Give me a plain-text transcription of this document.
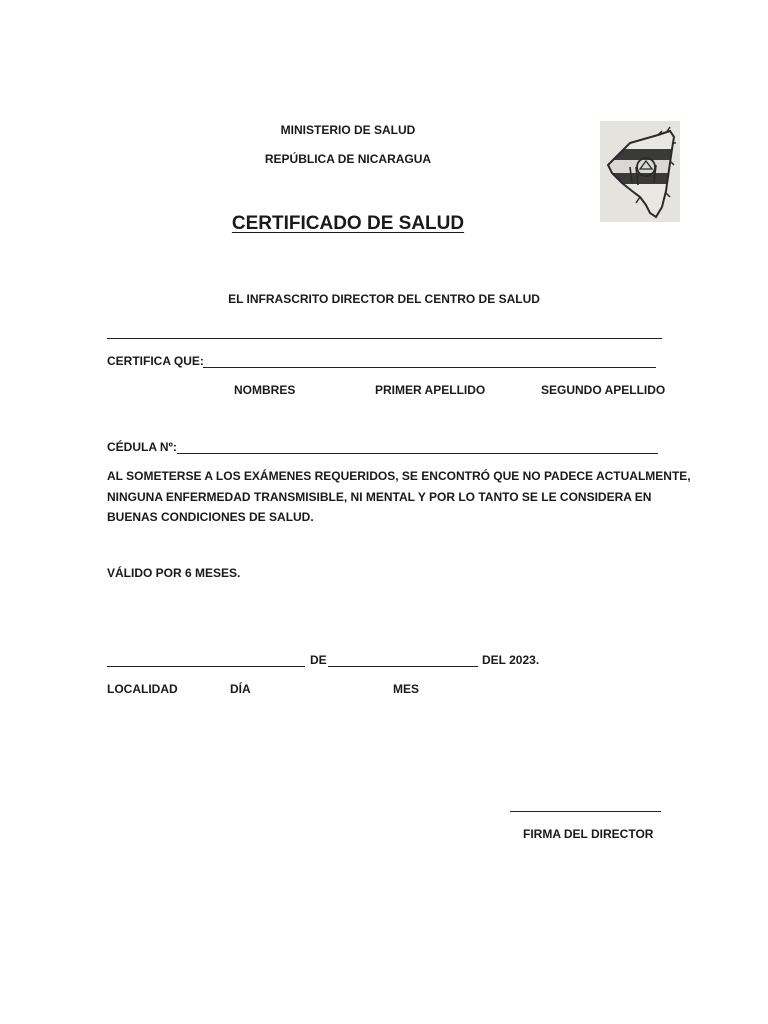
MINISTERIO DE SALUD
REPÚBLICA DE NICARAGUA
CERTIFICADO DE SALUD
EL INFRASCRITO DIRECTOR DEL CENTRO DE SALUD
CERTIFICA QUE:
NOMBRES	PRIMER APELLIDO	SEGUNDO APELLIDO
CÉDULA Nº:
AL SOMETERSE A LOS EXÁMENES REQUERIDOS, SE ENCONTRÓ QUE NO PADECE ACTUALMENTE,
NINGUNA ENFERMEDAD TRANSMISIBLE, NI MENTAL Y POR LO TANTO SE LE CONSIDERA EN
BUENAS CONDICIONES DE SALUD.
VÁLIDO POR 6 MESES.
DE	DEL 2023.
LOCALIDAD	DÍA	MES
FIRMA DEL DIRECTOR
